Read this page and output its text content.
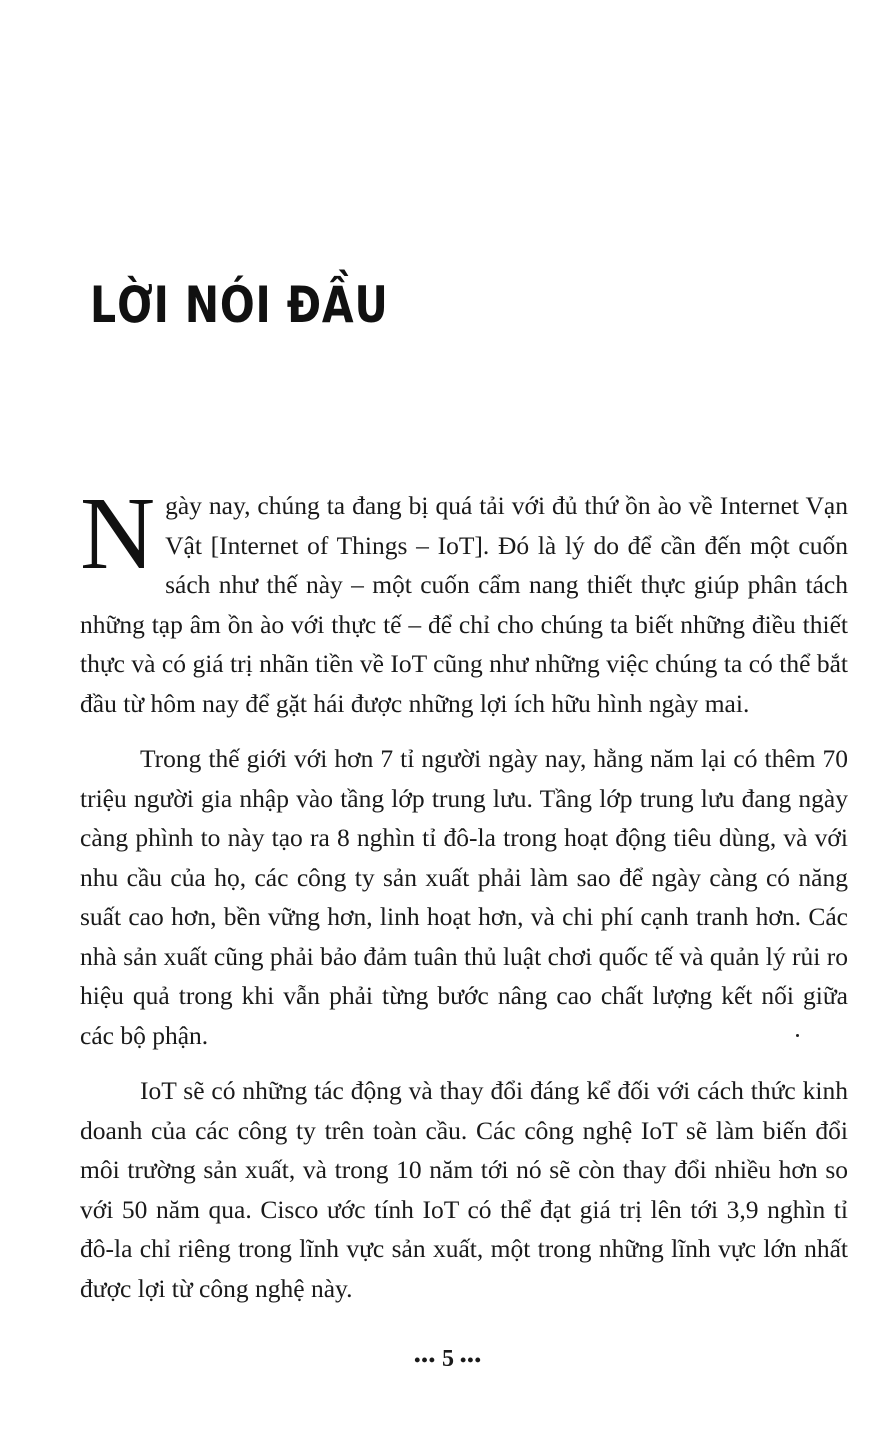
LỜI NÓI ĐẦU

Ngày nay, chúng ta đang bị quá tải với đủ thứ ồn ào về Internet Vạn Vật [Internet of Things – IoT]. Đó là lý do để cần đến một cuốn sách như thế này – một cuốn cẩm nang thiết thực giúp phân tách những tạp âm ồn ào với thực tế – để chỉ cho chúng ta biết những điều thiết thực và có giá trị nhãn tiền về IoT cũng như những việc chúng ta có thể bắt đầu từ hôm nay để gặt hái được những lợi ích hữu hình ngày mai.

Trong thế giới với hơn 7 tỉ người ngày nay, hằng năm lại có thêm 70 triệu người gia nhập vào tầng lớp trung lưu. Tầng lớp trung lưu đang ngày càng phình to này tạo ra 8 nghìn tỉ đô-la trong hoạt động tiêu dùng, và với nhu cầu của họ, các công ty sản xuất phải làm sao để ngày càng có năng suất cao hơn, bền vững hơn, linh hoạt hơn, và chi phí cạnh tranh hơn. Các nhà sản xuất cũng phải bảo đảm tuân thủ luật chơi quốc tế và quản lý rủi ro hiệu quả trong khi vẫn phải từng bước nâng cao chất lượng kết nối giữa các bộ phận.

IoT sẽ có những tác động và thay đổi đáng kể đối với cách thức kinh doanh của các công ty trên toàn cầu. Các công nghệ IoT sẽ làm biến đổi môi trường sản xuất, và trong 10 năm tới nó sẽ còn thay đổi nhiều hơn so với 50 năm qua. Cisco ước tính IoT có thể đạt giá trị lên tới 3,9 nghìn tỉ đô-la chỉ riêng trong lĩnh vực sản xuất, một trong những lĩnh vực lớn nhất được lợi từ công nghệ này.

••• 5 •••
